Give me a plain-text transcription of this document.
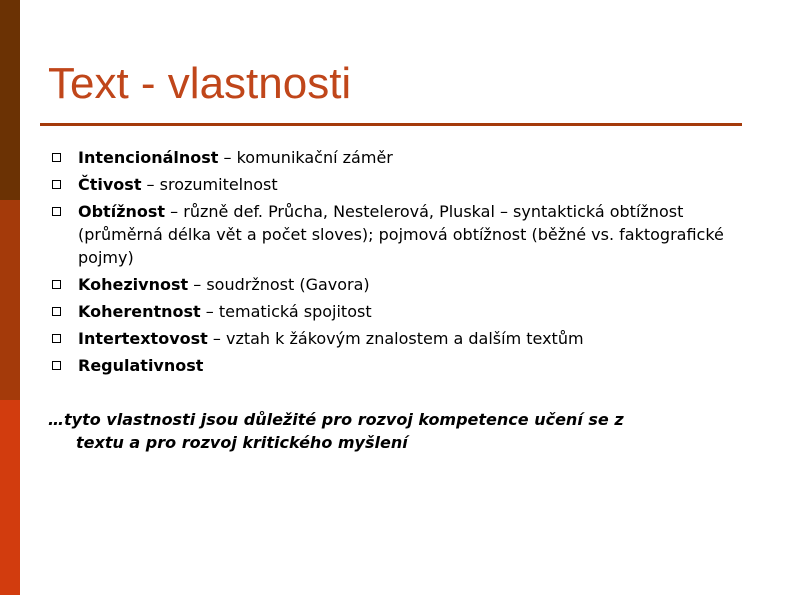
Text - vlastnosti
Intencionálnost – komunikační záměr
Čtivost – srozumitelnost
Obtížnost – různě def. Průcha, Nestelerová, Pluskal – syntaktická obtížnost (průměrná délka vět a počet sloves); pojmová obtížnost (běžné vs. faktografické pojmy)
Kohezivnost – soudržnost (Gavora)
Koherentnost – tematická spojitost
Intertextovost – vztah k žákovým znalostem a dalším textům
Regulativnost
…tyto vlastnosti jsou důležité pro rozvoj kompetence učení se z
textu a pro rozvoj kritického myšlení
